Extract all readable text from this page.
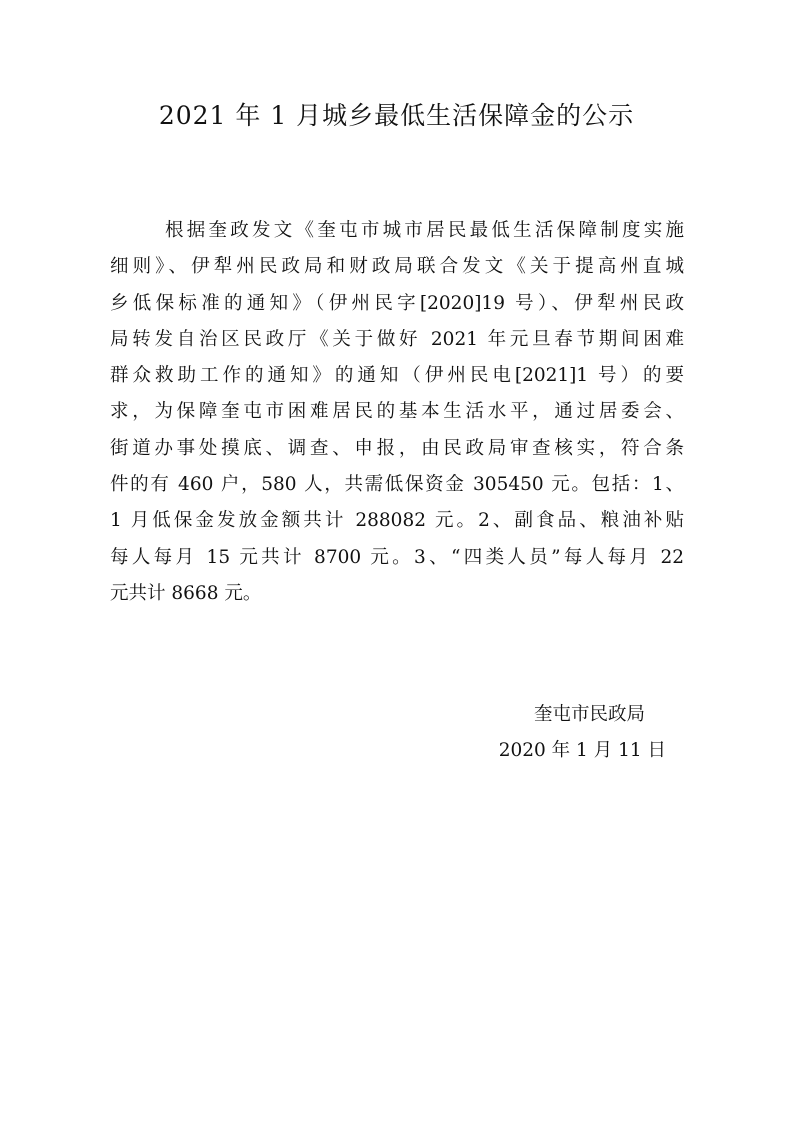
2021 年 1 月城乡最低生活保障金的公示
根据奎政发文《奎屯市城市居民最低生活保障制度实施
细则》、伊犁州民政局和财政局联合发文《关于提高州直城
乡低保标准的通知》（伊州民字[2020]19 号）、伊犁州民政
局转发自治区民政厅《关于做好 2021 年元旦春节期间困难
群众救助工作的通知》的通知（伊州民电[2021]1 号）的要
求，为保障奎屯市困难居民的基本生活水平，通过居委会、
街道办事处摸底、调查、申报，由民政局审查核实，符合条
件的有 460 户，580 人，共需低保资金 305450 元。包括：1、
1 月低保金发放金额共计 288082 元。2、副食品、粮油补贴
每人每月 15 元共计 8700 元。3、“四类人员”每人每月 22
元共计 8668 元。
奎屯市民政局
2020 年 1 月 11 日
